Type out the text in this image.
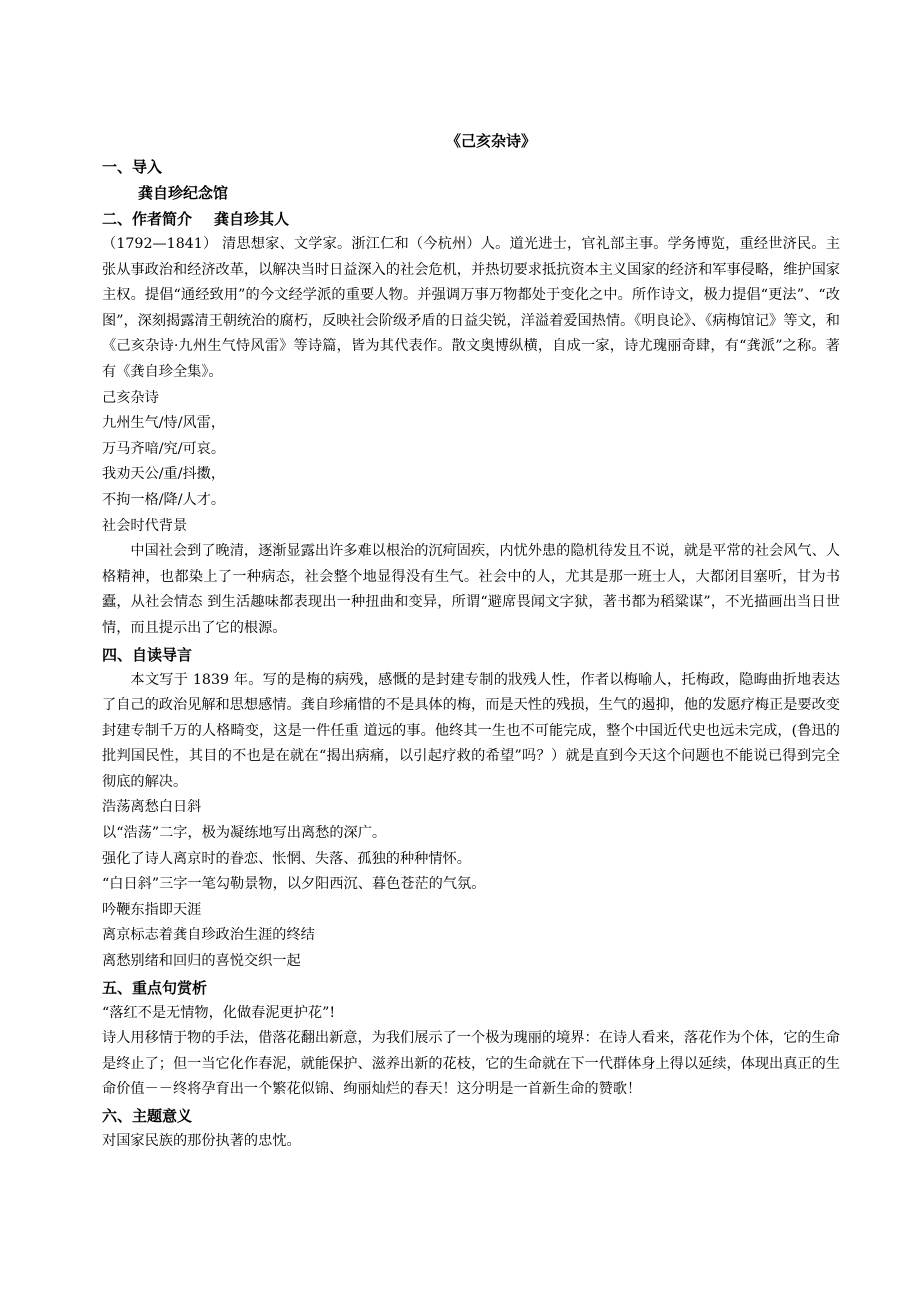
《己亥杂诗》
一、导入
龚自珍纪念馆
二、作者简介 龚自珍其人

（1792—1841） 清思想家、文学家。浙江仁和（今杭州）人。道光进士，官礼部主事。学务博览，重经世济民。主张从事政治和经济改革，以解决当时日益深入的社会危机，并热切要求抵抗资本主义国家的经济和军事侵略，维护国家主权。提倡“通经致用”的今文经学派的重要人物。并强调万事万物都处于变化之中。所作诗文，极力提倡“更法”、“改图”，深刻揭露清王朝统治的腐朽，反映社会阶级矛盾的日益尖锐，洋溢着爱国热情。《明良论》、《病梅馆记》等文，和《己亥杂诗·九州生气恃风雷》等诗篇，皆为其代表作。散文奥博纵横，自成一家，诗尤瑰丽奇肆，有“龚派”之称。著有《龚自珍全集》。

己亥杂诗
九州生气/恃/风雷，
万马齐喑/究/可哀。
我劝天公/重/抖擞，
不拘一格/降/人才。
社会时代背景

中国社会到了晚清，逐渐显露出许多难以根治的沉疴固疾，内忧外患的隐机待发且不说，就是平常的社会风气、人格精神，也都染上了一种病态，社会整个地显得没有生气。社会中的人，尤其是那一班士人，大都闭目塞听，甘为书蠹，从社会情态 到生活趣味都表现出一种扭曲和变异，所谓“避席畏闻文字狱，著书都为稻粱谋”，不光描画出当日世情，而且提示出了它的根源。

四、自读导言

本文写于 1839 年。写的是梅的病残，感慨的是封建专制的戕残人性，作者以梅喻人，托梅政，隐晦曲折地表达了自己的政治见解和思想感情。龚自珍痛惜的不是具体的梅，而是天性的残损，生气的遏抑，他的发愿疗梅正是要改变封建专制千万的人格畸变，这是一件任重 道远的事。他终其一生也不可能完成，整个中国近代史也远未完成，(鲁迅的批判国民性，其目的不也是在就在“揭出病痛，以引起疗救的希望”吗？）就是直到今天这个问题也不能说已得到完全彻底的解决。

浩荡离愁白日斜
以“浩荡”二字，极为凝练地写出离愁的深广。
强化了诗人离京时的眷恋、怅惘、失落、孤独的种种情怀。
“白日斜”三字一笔勾勒景物，以夕阳西沉、暮色苍茫的气氛。
吟鞭东指即天涯
离京标志着龚自珍政治生涯的终结
离愁别绪和回归的喜悦交织一起
五、重点句赏析
“落红不是无情物，化做春泥更护花”!

诗人用移情于物的手法，借落花翻出新意，为我们展示了一个极为瑰丽的境界：在诗人看来，落花作为个体，它的生命是终止了；但一当它化作春泥，就能保护、滋养出新的花枝，它的生命就在下一代群体身上得以延续，体现出真正的生命价值－－终将孕育出一个繁花似锦、绚丽灿烂的春天！这分明是一首新生命的赞歌！

六、主题意义
对国家民族的那份执著的忠忱。
